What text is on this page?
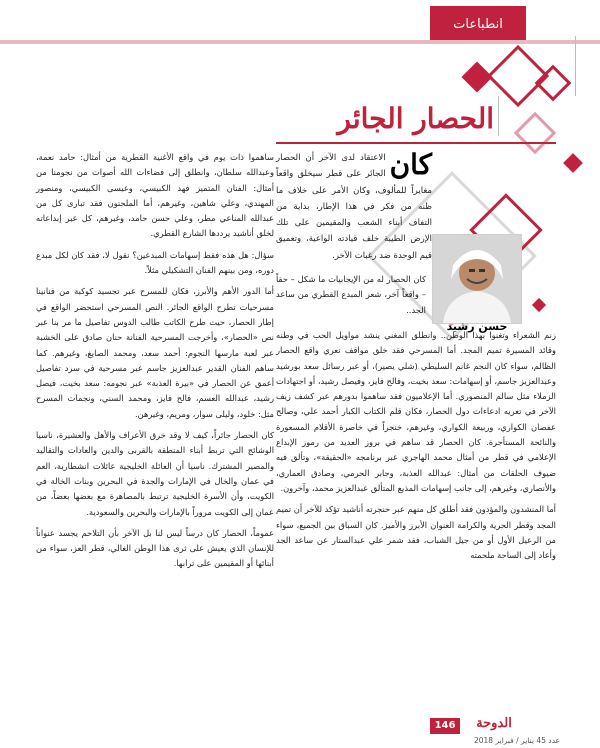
انطباعات
الحصار الجائر
حسن رشيد
كان
الاعتقاد لدى الآخر أن الحصار الجائر على قطر سيخلق واقعاً مغايراً للمألوف، وكان الأمر على خلاف ما ظنه من فكر في هذا الإطار، بداية من التفاف أبناء الشعب والمقيمين على تلك الإرض الطيبة خلف قيادته الواعية، وتعميق قيم الوحدة ضد رغبات الآخر.

كان الحصار له من الإيجابيات ما شكل – حقاً – واقعاً آخر، شعر المبدع القطري من ساعد الجد..

زنم الشعراء وتغنوا بهذا الوطن.. وانطلق المغني ينشد مواويل الحب في وطنه وقائد المسيرة تميم المجد. أما المسرحي فقد خلق مواقف تعري واقع الحصار الظالم، سواء كان النجم غانم السليطي (شلي يصير)، أو عبر رسائل سعد بورشيد وعبدالعزيز جاسم، أو إسهامات: سعد بخيت، وفالح فايز، وفيصل رشيد، أو اجتهادات الزملاء مثل سالم المنصوري. أما الإعلاميون فقد ساهموا بدورهم عبر كشف زيف الآخر في تعريه ادعاءات دول الحصار، فكان قلم الكتاب الكبار أحمد علي، وصالح عفصان الكواري، وربيعة الكواري، وغيرهم، خنجراً في خاصرة الأقلام المسعورة والنائحة المستأجرة. كان الحصار قد ساهم في بروز العديد من رموز الإبداع الإعلامي في قطر من أمثال محمد الهاجري عبر برنامجه «الحقيقة»، وتألق فيه ضيوف الحلقات من أمثال: عبدالله العذبة، وجابر الحرمي، وصادق العماري، والأنصاري، وغيرهم، إلى جانب إسهامات المذيع المتألق عبدالعزيز محمد، وآخرون.

أما المنشدون والمؤدون فقد أطلق كل منهم عبر حنجرته أناشيد تؤكد للآخر أن تميم المجد وقطر الحرية والكرامة العنوان الأبرز والأميز. كان السباق بين الجميع، سواء من الرعيل الأول أو من جيل الشباب، فقد شمر علي عبدالستار عن ساعد الجد وأعاد إلى الساحة ملحمته

ساهموا ذات يوم في واقع الأغنية القطرية من أمثال: حامد نعمة، وعبدالله سلطان، وانطلق إلى فضاءات الله أصوات من نجومنا من أمثال: الفنان المتميز فهد الكبيسي، وعيسى الكبيسي، ومنصور المهندي، وعلي شاهين، وغيرهم، أما الملحنون فقد تبارى كل من عبدالله المناعي مطر، وعلي حسن حامد، وغيرهم، كل عبر إبداعاته لخلق أناشيد يرددها الشارع القطري.

سؤال: هل هذه فقط إسهامات المبدعين؟ نقول لا، فقد كان لكل مبدع دوره، ومن بينهم الفنان التشكيلي مثلاً.

أما الدور الأهم والأبرز، فكان للمسرح عبر تجسيد كوكبة من فنانينا مسرحيات تطرح الواقع الجائر. النص المسرحي استحضر الواقع في إطار الحصار، حيث طرح الكاتب طالب الدوس تفاصيل ما مر بنا عبر نص «الحصار»، وأخرجت المسرحية الفنانة حنان صادق على الخشبة عبر لعبة مارسها النجوم: أحمد سعد، ومحمد الصايغ، وغيرهم. كما ساهم الفنان القدير عبدالعزيز جاسم عبر مسرحية في سرد تفاصيل أعمق عن الحصار في «بيرة العذبة» عبر نجومه: سعد بخيت، فيصل رشيد، عبدالله العسم، فالح فايز، ومحمد السني، ونجمات المسرح مثل: خلود، وليلى سوار، ومريم، وغيرهن.

كان الحصار جائراً، كيف لا وقد خرق الأعراف والأهل والعشيرة، ناسيا الوشائج التي تربط أبناء المنطقة بالقربى والدين والعادات والتقاليد والمصير المشترك. ناسيا أن العائلة الخليجية عائلات انشطارية، العم في عمان والخال في الإمارات والجدة في البحرين وبنات الخالة في الكويت، وأن الأسرة الخليجية ترتبط بالمصاهرة مع بعضها بعضاً، من عمان إلى الكويت مروراً بالإمارات والبحرين والسعودية.

عموماً، الحصار كان درساً ليس لنا بل الآخر بأن التلاحم يجسد عنواناً للإنسان الذي يعيش على ثرى هذا الوطن الغالي، قطر العز، سواء من أبنائها أو المقيمين على ترابها.

146	الدوحة
عدد 45 يناير / فبراير 2018
